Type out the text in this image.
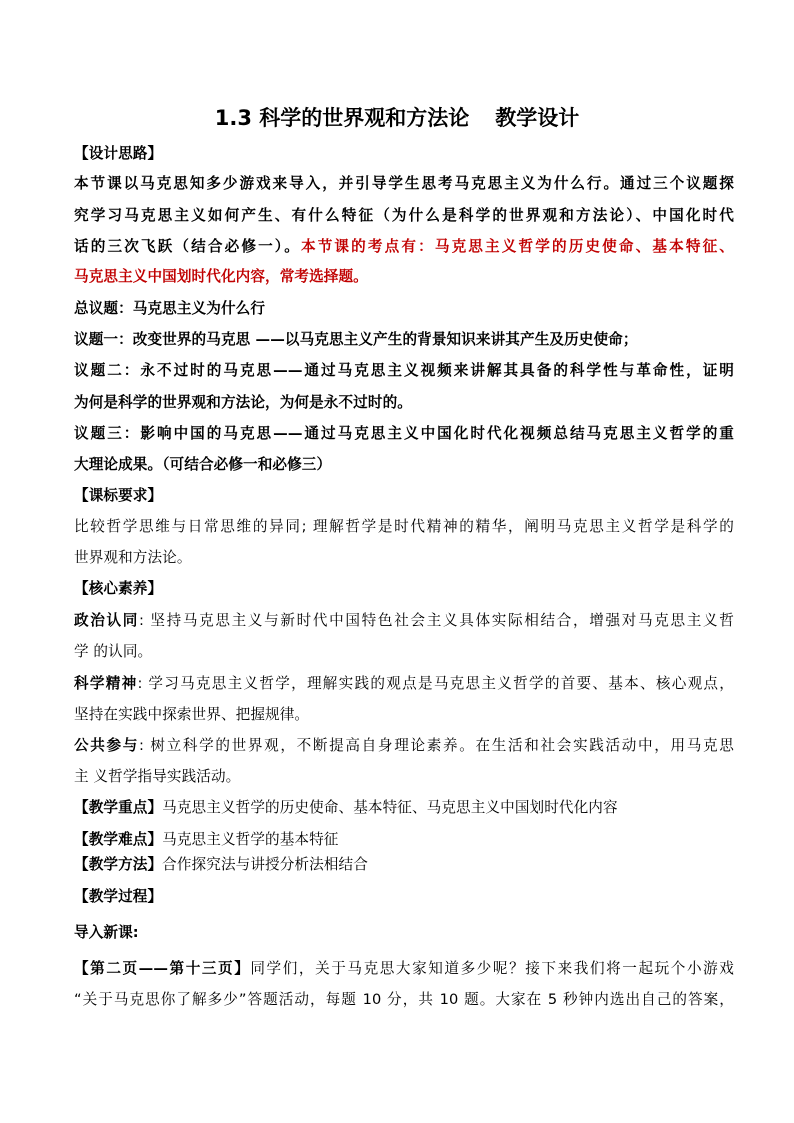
1.3 科学的世界观和方法论 教学设计
【设计思路】
本节课以马克思知多少游戏来导入，并引导学生思考马克思主义为什么行。通过三个议题探
究学习马克思主义如何产生、有什么特征（为什么是科学的世界观和方法论）、中国化时代
话的三次飞跃（结合必修一）。本节课的考点有：马克思主义哲学的历史使命、基本特征、
马克思主义中国划时代化内容，常考选择题。
总议题：马克思主义为什么行
议题一：改变世界的马克思 ——以马克思主义产生的背景知识来讲其产生及历史使命；
议题二：永不过时的马克思——通过马克思主义视频来讲解其具备的科学性与革命性，证明
为何是科学的世界观和方法论，为何是永不过时的。
议题三：影响中国的马克思——通过马克思主义中国化时代化视频总结马克思主义哲学的重
大理论成果。（可结合必修一和必修三）
【课标要求】
比较哲学思维与日常思维的异同; 理解哲学是时代精神的精华，阐明马克思主义哲学是科学的
世界观和方法论。
【核心素养】
政治认同: 坚持马克思主义与新时代中国特色社会主义具体实际相结合，增强对马克思主义哲
学 的认同。
科学精神: 学习马克思主义哲学，理解实践的观点是马克思主义哲学的首要、基本、核心观点，
坚持在实践中探索世界、把握规律。
公共参与: 树立科学的世界观，不断提高自身理论素养。在生活和社会实践活动中，用马克思
主 义哲学指导实践活动。
【教学重点】马克思主义哲学的历史使命、基本特征、马克思主义中国划时代化内容
【教学难点】马克思主义哲学的基本特征
【教学方法】合作探究法与讲授分析法相结合
【教学过程】
导入新课:
【第二页——第十三页】同学们，关于马克思大家知道多少呢？接下来我们将一起玩个小游戏
“关于马克思你了解多少”答题活动，每题 10 分，共 10 题。大家在 5 秒钟内选出自己的答案，
